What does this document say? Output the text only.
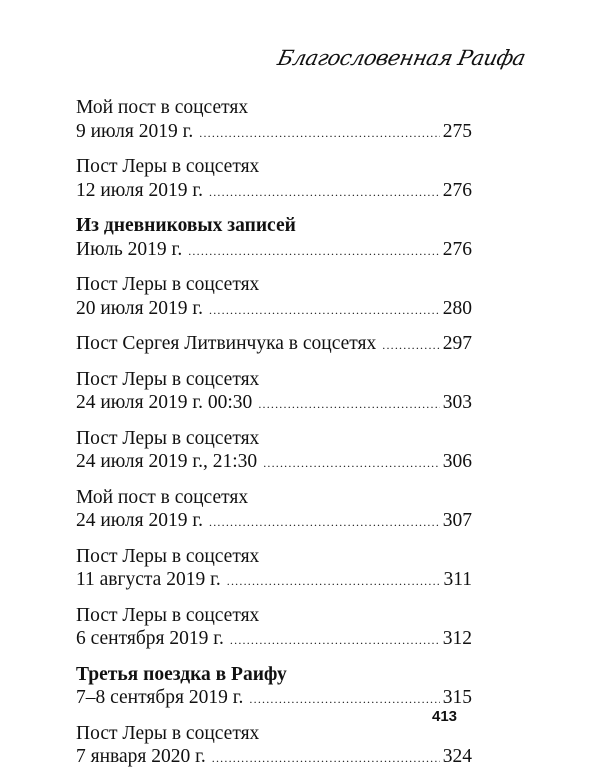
Благословенная Раифа
Мой пост в соцсетях
9 июля 2019 г. .....	275
Пост Леры в соцсетях
12 июля 2019 г. .....	276
Из дневниковых записей
Июль 2019 г. .....	276
Пост Леры в соцсетях
20 июля 2019 г. .....	280
Пост Сергея Литвинчука в соцсетях .....	297
Пост Леры в соцсетях
24 июля 2019 г. 00:30 .....	303
Пост Леры в соцсетях
24 июля 2019 г., 21:30 .....	306
Мой пост в соцсетях
24 июля 2019 г. .....	307
Пост Леры в соцсетях
11 августа 2019 г. .....	311
Пост Леры в соцсетях
6 сентября 2019 г. .....	312
Третья поездка в Раифу
7–8 сентября 2019 г. .....	315
Пост Леры в соцсетях
7 января 2020 г. .....	324
413
